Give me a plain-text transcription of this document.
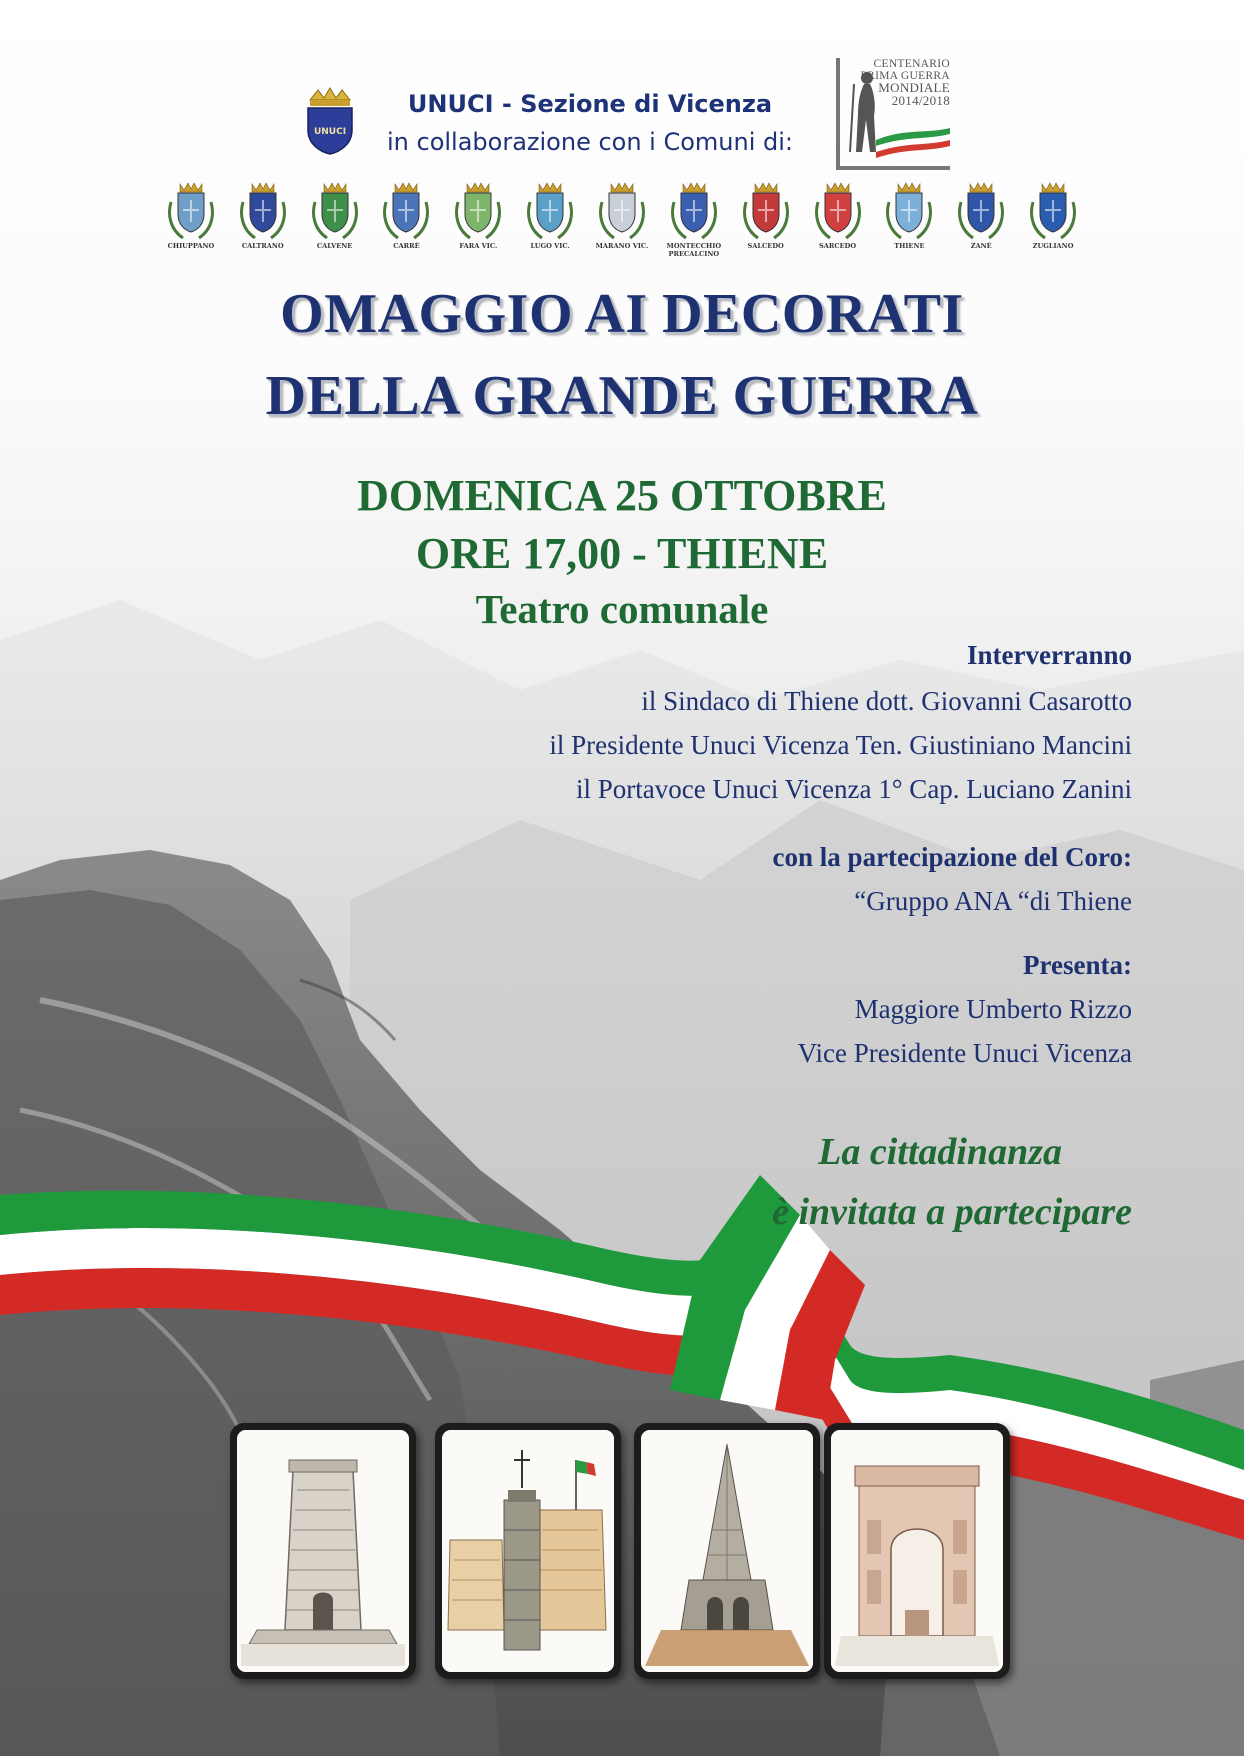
UNUCI
UNUCI - Sezione di Vicenza
in collaborazione con i Comuni di:
CENTENARIO
PRIMA GUERRA
MONDIALE
2014/2018
CHIUPPANO	CALTRANO	CALVENE	CARRÈ	FARA VIC.	LUGO VIC.	MARANO VIC.	MONTECCHIO
PRECALCINO
SALCEDO	SARCEDO	THIENE	ZANÈ	ZUGLIANO
OMAGGIO AI DECORATI
DELLA GRANDE GUERRA
DOMENICA 25 OTTOBRE
ORE 17,00 - THIENE
Teatro comunale
Interverranno
il Sindaco di Thiene dott. Giovanni Casarotto
il Presidente Unuci Vicenza Ten. Giustiniano Mancini
il Portavoce Unuci Vicenza 1° Cap. Luciano Zanini
con la partecipazione del Coro:
“Gruppo ANA “di Thiene
Presenta:
Maggiore Umberto Rizzo
Vice Presidente Unuci Vicenza
La cittadinanza
è invitata a partecipare
